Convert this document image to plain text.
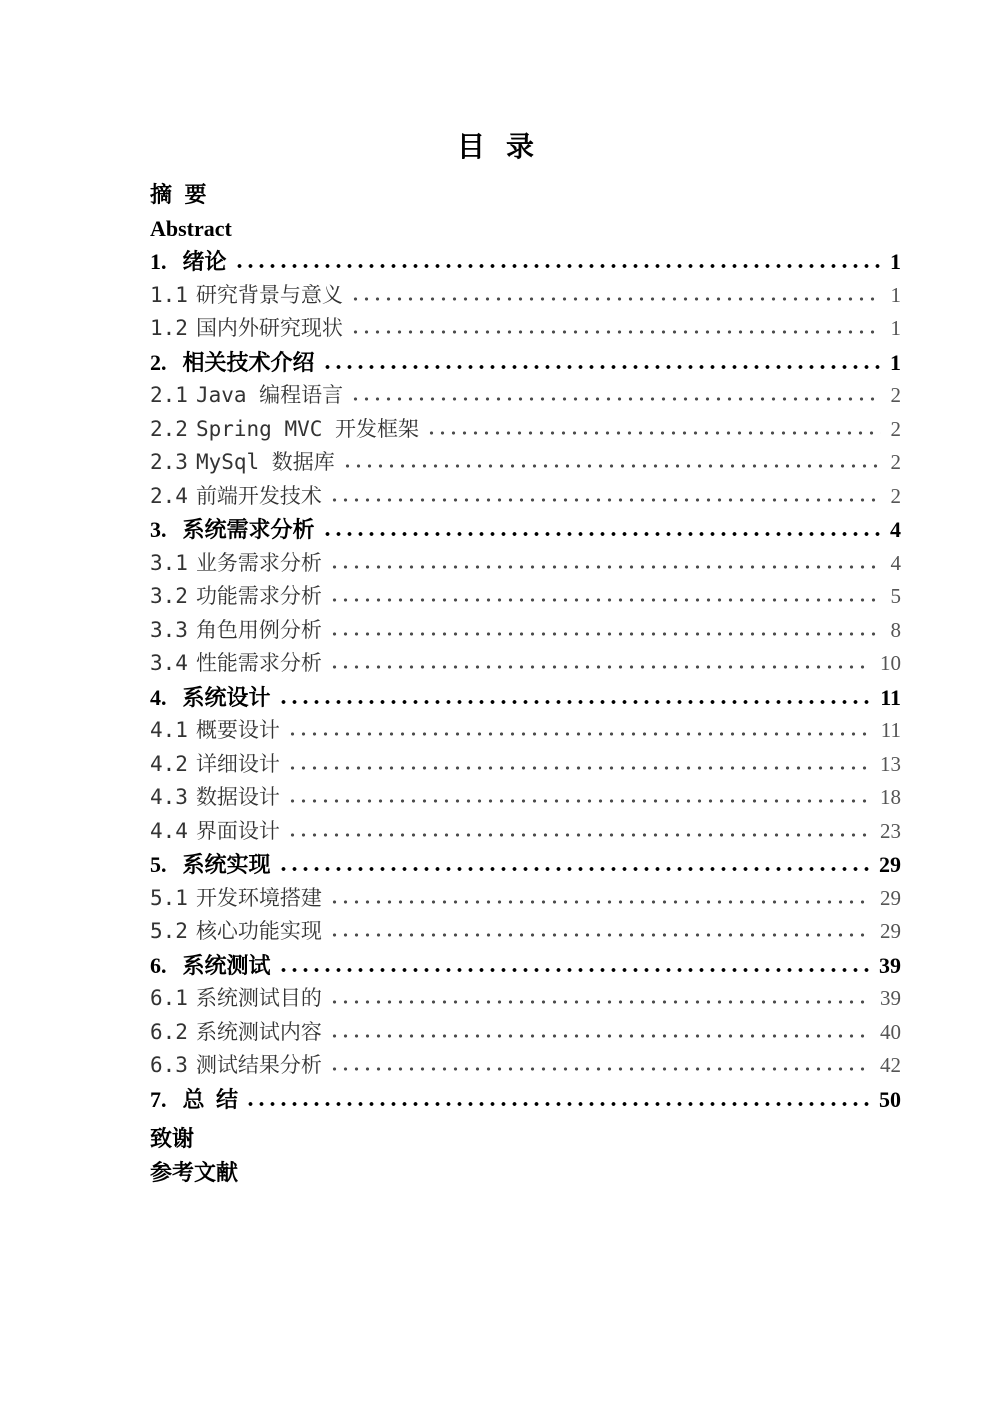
目 录
摘 要
Abstract
1. 绪论	1
1.1 研究背景与意义	1
1.2 国内外研究现状	1
2. 相关技术介绍	1
2.1 Java 编程语言	2
2.2 Spring MVC 开发框架	2
2.3 MySql 数据库	2
2.4 前端开发技术	2
3. 系统需求分析	4
3.1 业务需求分析	4
3.2 功能需求分析	5
3.3 角色用例分析	8
3.4 性能需求分析	10
4. 系统设计	11
4.1 概要设计	11
4.2 详细设计	13
4.3 数据设计	18
4.4 界面设计	23
5. 系统实现	29
5.1 开发环境搭建	29
5.2 核心功能实现	29
6. 系统测试	39
6.1 系统测试目的	39
6.2 系统测试内容	40
6.3 测试结果分析	42
7. 总 结	50
致谢
参考文献
